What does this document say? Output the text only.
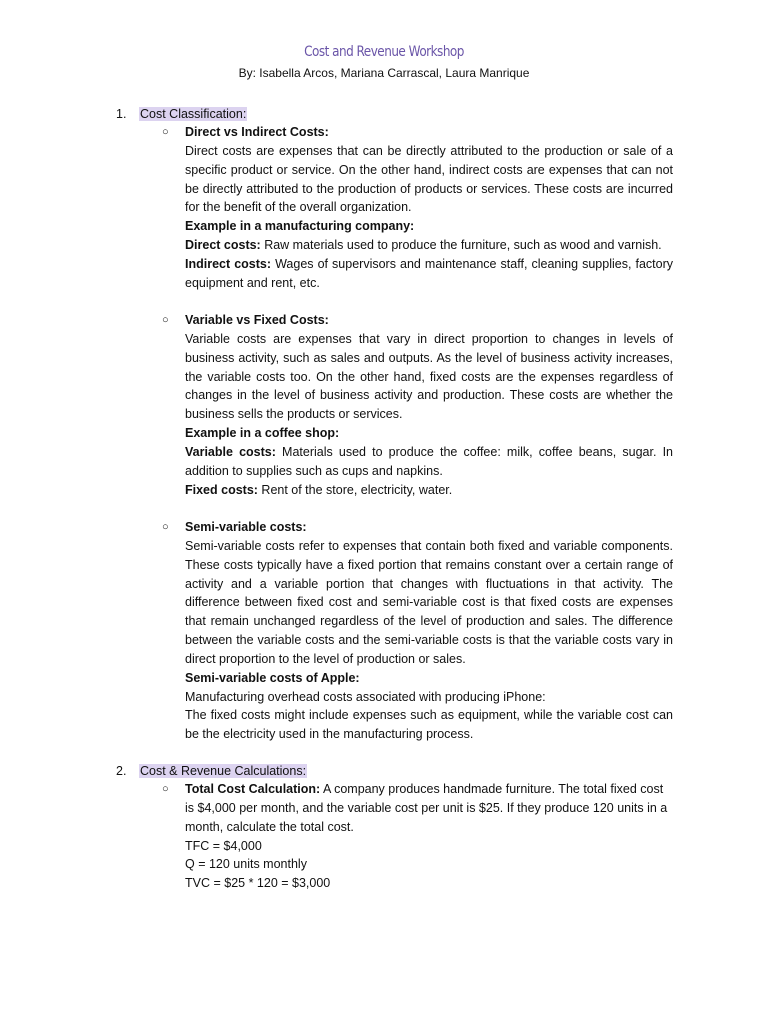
Cost and Revenue Workshop
By: Isabella Arcos, Mariana Carrascal, Laura Manrique
1. Cost Classification:
○ Direct vs Indirect Costs:

Direct costs are expenses that can be directly attributed to the production or sale of a specific product or service. On the other hand, indirect costs are expenses that can not be directly attributed to the production of products or services. These costs are incurred for the benefit of the overall organization.

Example in a manufacturing company:

Direct costs: Raw materials used to produce the furniture, such as wood and varnish.

Indirect costs: Wages of supervisors and maintenance staff, cleaning supplies, factory equipment and rent, etc.

○ Variable vs Fixed Costs:

Variable costs are expenses that vary in direct proportion to changes in levels of business activity, such as sales and outputs. As the level of business activity increases, the variable costs too. On the other hand, fixed costs are the expenses regardless of changes in the level of business activity and production. These costs are whether the business sells the products or services.

Example in a coffee shop:

Variable costs: Materials used to produce the coffee: milk, coffee beans, sugar. In addition to supplies such as cups and napkins.

Fixed costs: Rent of the store, electricity, water.

○ Semi-variable costs:

Semi-variable costs refer to expenses that contain both fixed and variable components. These costs typically have a fixed portion that remains constant over a certain range of activity and a variable portion that changes with fluctuations in that activity. The difference between fixed cost and semi-variable cost is that fixed costs are expenses that remain unchanged regardless of the level of production and sales. The difference between the variable costs and the semi-variable costs is that the variable costs vary in direct proportion to the level of production or sales.

Semi-variable costs of Apple:

Manufacturing overhead costs associated with producing iPhone:

The fixed costs might include expenses such as equipment, while the variable cost can be the electricity used in the manufacturing process.

2. Cost & Revenue Calculations:
○ Total Cost Calculation: A company produces handmade furniture. The total fixed cost is $4,000 per month, and the variable cost per unit is $25. If they produce 120 units in a month, calculate the total cost.

TFC = $4,000

Q = 120 units monthly

TVC = $25 * 120 = $3,000
